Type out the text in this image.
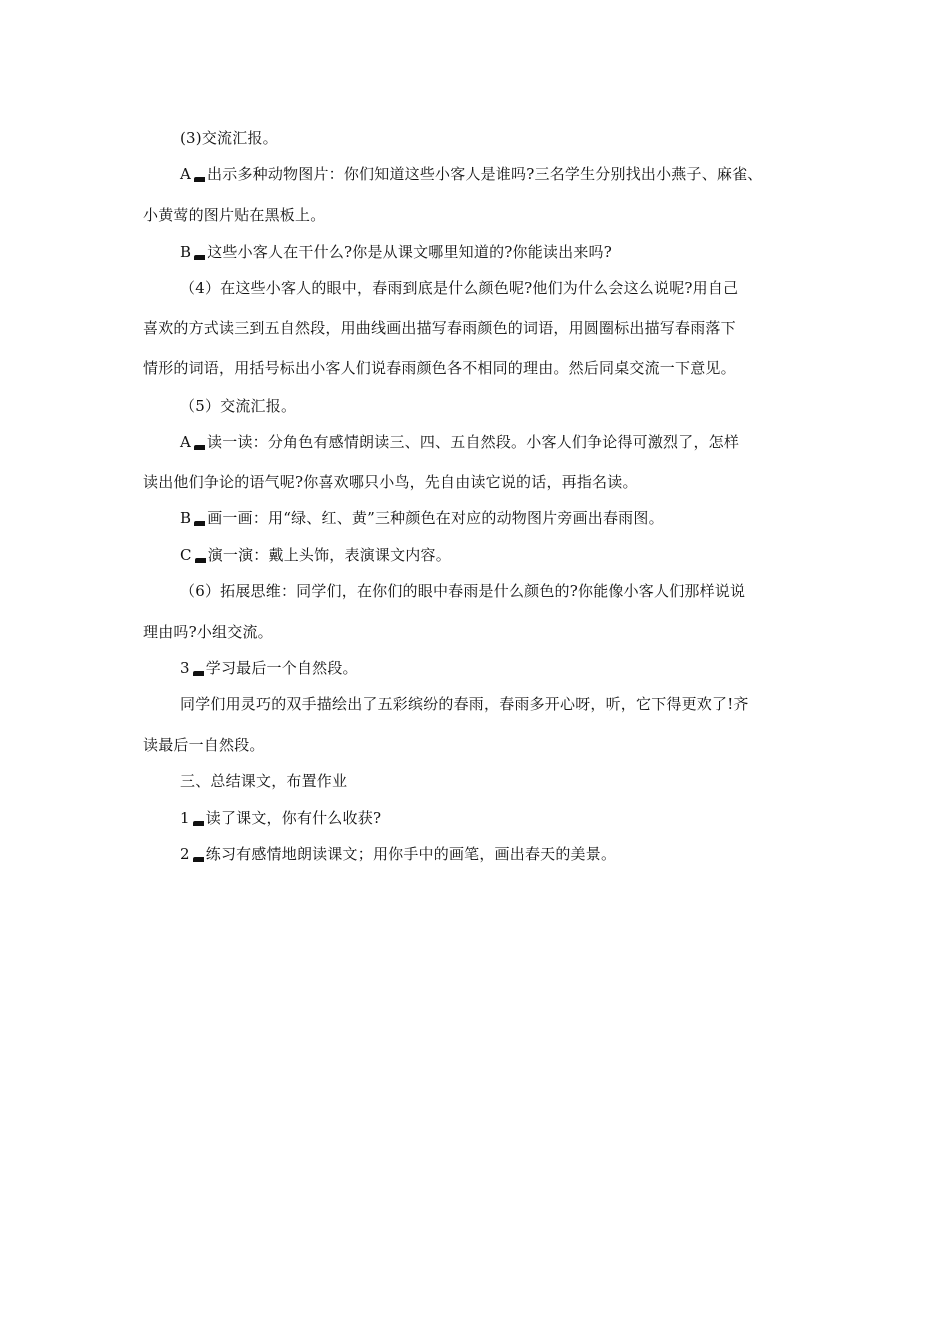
(3)交流汇报。
A 出示多种动物图片：你们知道这些小客人是谁吗?三名学生分别找出小燕子、麻雀、
小黄莺的图片贴在黑板上。
B 这些小客人在干什么?你是从课文哪里知道的?你能读出来吗?
（4）在这些小客人的眼中，春雨到底是什么颜色呢?他们为什么会这么说呢?用自己
喜欢的方式读三到五自然段，用曲线画出描写春雨颜色的词语，用圆圈标出描写春雨落下
情形的词语，用括号标出小客人们说春雨颜色各不相同的理由。然后同桌交流一下意见。
（5）交流汇报。
A 读一读：分角色有感情朗读三、四、五自然段。小客人们争论得可激烈了，怎样
读出他们争论的语气呢?你喜欢哪只小鸟，先自由读它说的话，再指名读。
B 画一画：用“绿、红、黄”三种颜色在对应的动物图片旁画出春雨图。
C 演一演：戴上头饰，表演课文内容。
（6）拓展思维：同学们，在你们的眼中春雨是什么颜色的?你能像小客人们那样说说
理由吗?小组交流。
3 学习最后一个自然段。
同学们用灵巧的双手描绘出了五彩缤纷的春雨，春雨多开心呀，听，它下得更欢了!齐
读最后一自然段。
三、总结课文，布置作业
1 读了课文，你有什么收获?
2 练习有感情地朗读课文；用你手中的画笔，画出春天的美景。
